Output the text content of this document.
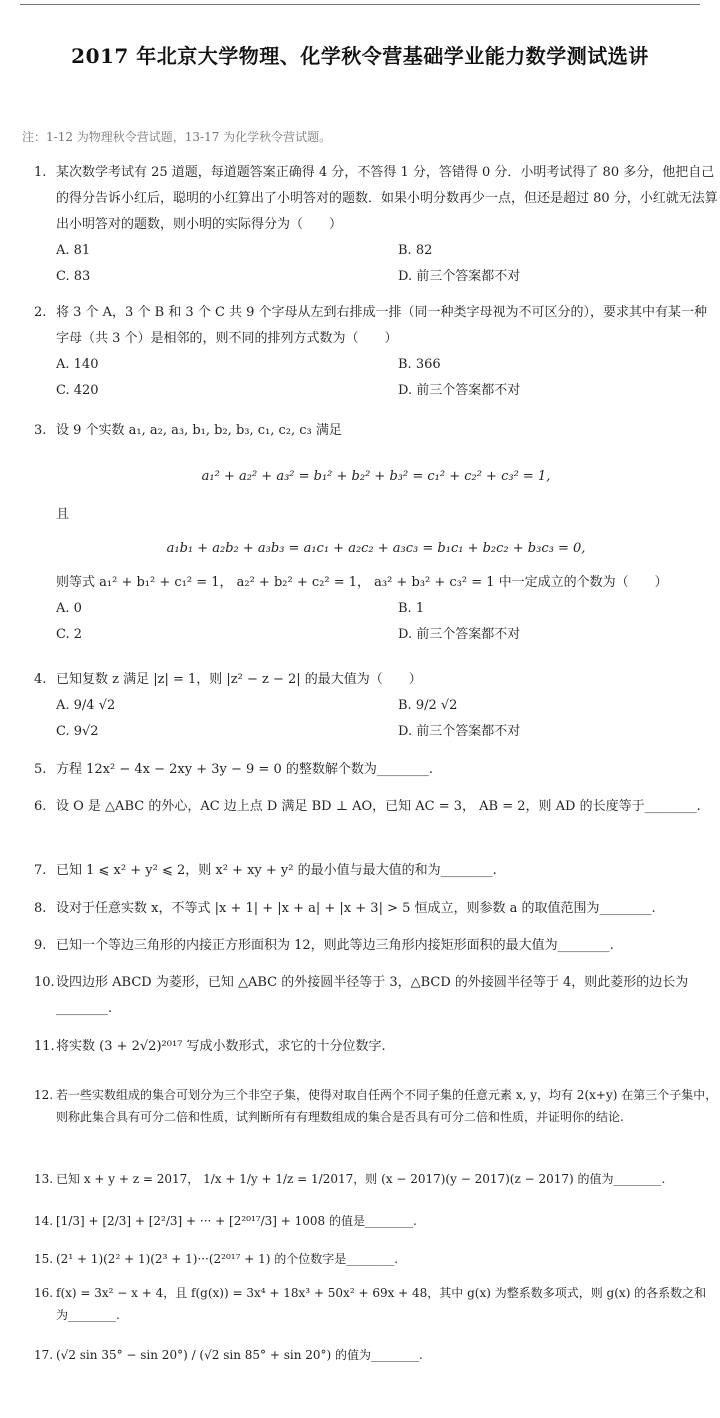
2017 年北京大学物理、化学秋令营基础学业能力数学测试选讲
注：1-12 为物理秋令营试题，13-17 为化学秋令营试题。
1. 某次数学考试有 25 道题，每道题答案正确得 4 分，不答得 1 分，答错得 0 分．小明考试得了 80 多分，他把自己的得分告诉小红后，聪明的小红算出了小明答对的题数．如果小明分数再少一点，但还是超过 80 分，小红就无法算出小明答对的题数，则小明的实际得分为（　　）
A. 81	B. 82
C. 83	D. 前三个答案都不对
2. 将 3 个 A，3 个 B 和 3 个 C 共 9 个字母从左到右排成一排（同一种类字母视为不可区分的），要求其中有某一种字母（共 3 个）是相邻的，则不同的排列方式数为（　　）
A. 140	B. 366
C. 420	D. 前三个答案都不对
3. 设 9 个实数 a₁, a₂, a₃, b₁, b₂, b₃, c₁, c₂, c₃ 满足
a₁² + a₂² + a₃² = b₁² + b₂² + b₃² = c₁² + c₂² + c₃² = 1,
且
a₁b₁ + a₂b₂ + a₃b₃ = a₁c₁ + a₂c₂ + a₃c₃ = b₁c₁ + b₂c₂ + b₃c₃ = 0,
则等式 a₁² + b₁² + c₁² = 1， a₂² + b₂² + c₂² = 1， a₃² + b₃² + c₃² = 1 中一定成立的个数为（　　）
A. 0	B. 1
C. 2	D. 前三个答案都不对
4. 已知复数 z 满足 |z| = 1，则 |z² − z − 2| 的最大值为（　　）
A. 9/4 √2	B. 9/2 √2
C. 9√2	D. 前三个答案都不对
5. 方程 12x² − 4x − 2xy + 3y − 9 = 0 的整数解个数为________.
6. 设 O 是 △ABC 的外心，AC 边上点 D 满足 BD ⊥ AO，已知 AC = 3， AB = 2，则 AD 的长度等于________.
7. 已知 1 ⩽ x² + y² ⩽ 2，则 x² + xy + y² 的最小值与最大值的和为________.
8. 设对于任意实数 x，不等式 |x + 1| + |x + a| + |x + 3| > 5 恒成立，则参数 a 的取值范围为________.
9. 已知一个等边三角形的内接正方形面积为 12，则此等边三角形内接矩形面积的最大值为________.
10. 设四边形 ABCD 为菱形，已知 △ABC 的外接圆半径等于 3，△BCD 的外接圆半径等于 4，则此菱形的边长为________.
11. 将实数 (3 + 2√2)²⁰¹⁷ 写成小数形式，求它的十分位数字.
12. 若一些实数组成的集合可划分为三个非空子集，使得对取自任两个不同子集的任意元素 x, y，均有 2(x+y) 在第三个子集中，则称此集合具有可分二倍和性质，试判断所有有理数组成的集合是否具有可分二倍和性质，并证明你的结论.
13. 已知 x + y + z = 2017， 1/x + 1/y + 1/z = 1/2017，则 (x − 2017)(y − 2017)(z − 2017) 的值为________.
14. [1/3] + [2/3] + [2²/3] + ··· + [2²⁰¹⁷/3] + 1008 的值是________.
15. (2¹ + 1)(2² + 1)(2³ + 1)···(2²⁰¹⁷ + 1) 的个位数字是________.
16. f(x) = 3x² − x + 4，且 f(g(x)) = 3x⁴ + 18x³ + 50x² + 69x + 48，其中 g(x) 为整系数多项式，则 g(x) 的各系数之和为________.
17. (√2 sin 35° − sin 20°) / (√2 sin 85° + sin 20°) 的值为________.
